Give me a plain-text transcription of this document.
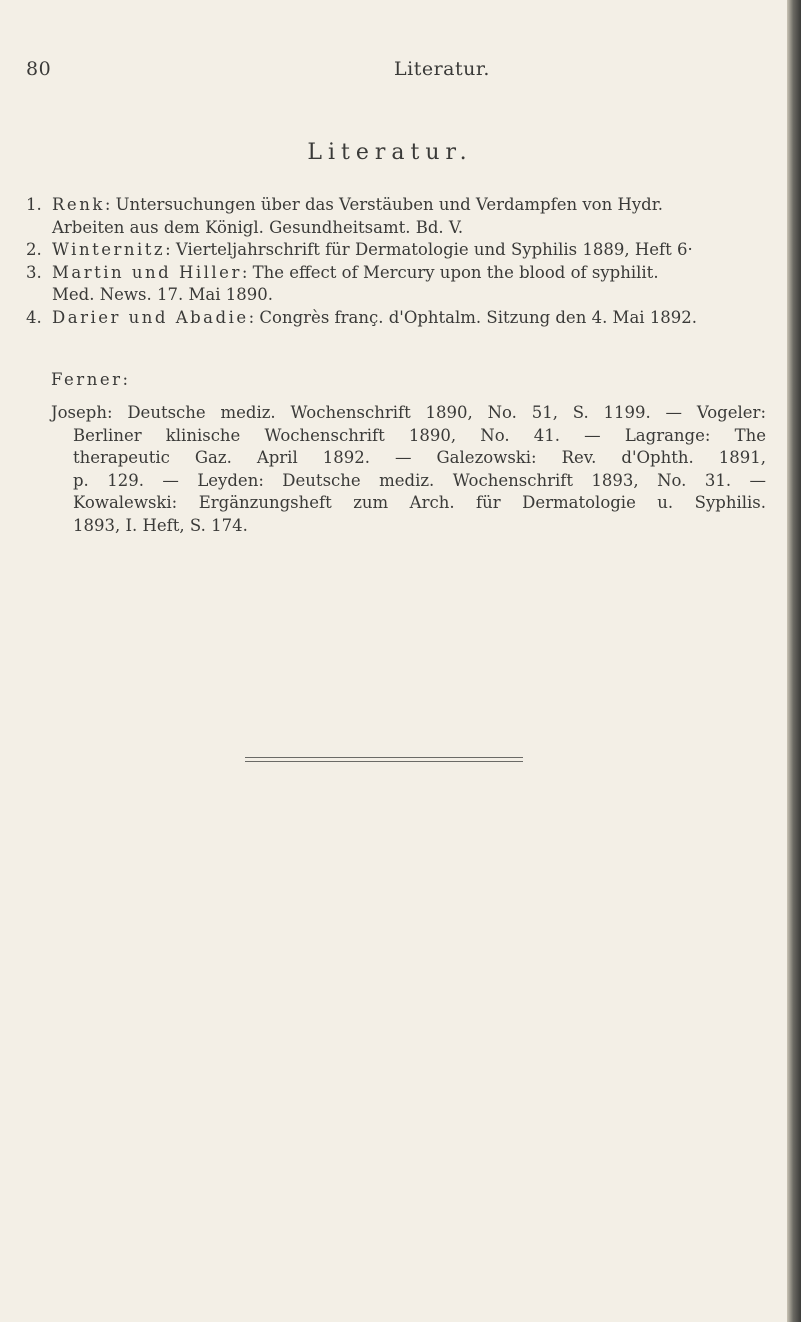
80	Literatur.
Literatur.

1. Renk: Untersuchungen über das Verstäuben und Verdampfen von Hydr.
Arbeiten aus dem Königl. Gesundheitsamt. Bd. V.

2. Winternitz: Vierteljahrschrift für Dermatologie und Syphilis 1889, Heft 6·

3. Martin und Hiller: The effect of Mercury upon the blood of syphilit.
Med. News. 17. Mai 1890.

4. Darier und Abadie: Congrès franç. d'Ophtalm. Sitzung den 4. Mai 1892.

Ferner:
Joseph: Deutsche mediz. Wochenschrift 1890, No. 51, S. 1199. — Vogeler:
Berliner klinische Wochenschrift 1890, No. 41. — Lagrange: The
therapeutic Gaz. April 1892. — Galezowski: Rev. d'Ophth. 1891,
p. 129. — Leyden: Deutsche mediz. Wochenschrift 1893, No. 31. —
Kowalewski: Ergänzungsheft zum Arch. für Dermatologie u. Syphilis.
1893, I. Heft, S. 174.
